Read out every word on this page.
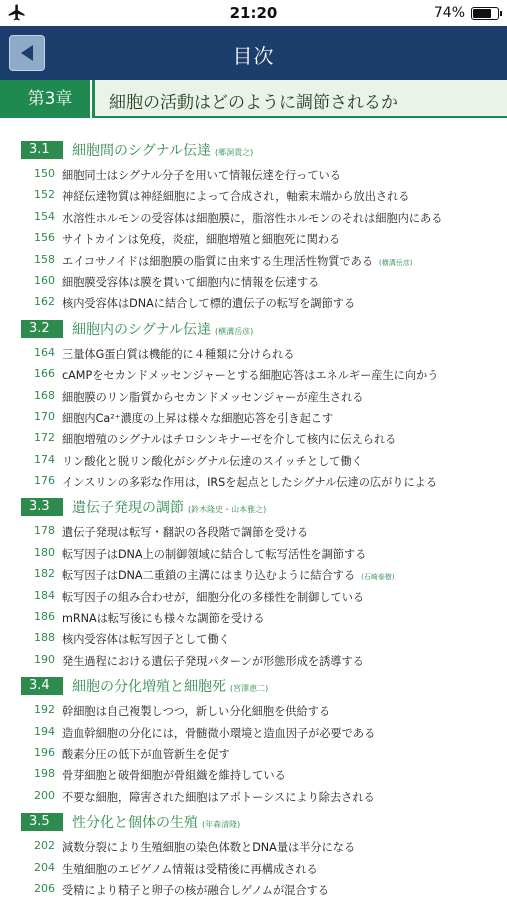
21:20	74%
目次
第3章	細胞の活動はどのように調節されるか
3.1	細胞間のシグナル伝達 (郷洞貴之)
150 細胞同士はシグナル分子を用いて情報伝達を行っている
152 神経伝達物質は神経細胞によって合成され，軸索末端から放出される
154 水溶性ホルモンの受容体は細胞膜に，脂溶性ホルモンのそれは細胞内にある
156 サイトカインは免疫，炎症，細胞増殖と細胞死に関わる
158 エイコサノイドは細胞膜の脂質に由来する生理活性物質である (横溝岳彦)
160 細胞膜受容体は膜を貫いて細胞内に情報を伝達する
162 核内受容体はDNAに結合して標的遺伝子の転写を調節する
3.2	細胞内のシグナル伝達 (横溝岳彦)
164 三量体G蛋白質は機能的に４種類に分けられる
166 cAMPをセカンドメッセンジャーとする細胞応答はエネルギー産生に向かう
168 細胞膜のリン脂質からセカンドメッセンジャーが産生される
170 細胞内Ca²⁺濃度の上昇は様々な細胞応答を引き起こす
172 細胞増殖のシグナルはチロシンキナーゼを介して核内に伝えられる
174 リン酸化と脱リン酸化がシグナル伝達のスイッチとして働く
176 インスリンの多彩な作用は，IRSを起点としたシグナル伝達の広がりによる
3.3	遺伝子発現の調節 (鈴木隆史・山本雅之)
178 遺伝子発現は転写・翻訳の各段階で調節を受ける
180 転写因子はDNA上の制御領域に結合して転写活性を調節する
182 転写因子はDNA二重鎖の主溝にはまり込むように結合する (石崎泰樹)
184 転写因子の組み合わせが，細胞分化の多様性を制御している
186 mRNAは転写後にも様々な調節を受ける
188 核内受容体は転写因子として働く
190 発生過程における遺伝子発現パターンが形態形成を誘導する
3.4	細胞の分化増殖と細胞死 (宮澤恵二)
192 幹細胞は自己複製しつつ，新しい分化細胞を供給する
194 造血幹細胞の分化には，骨髄微小環境と造血因子が必要である
196 酸素分圧の低下が血管新生を促す
198 骨芽細胞と破骨細胞が骨組織を維持している
200 不要な細胞，障害された細胞はアポトーシスにより除去される
3.5	性分化と個体の生殖 (年森清隆)
202 減数分裂により生殖細胞の染色体数とDNA量は半分になる
204 生殖細胞のエピゲノム情報は受精後に再構成される
206 受精により精子と卵子の核が融合しゲノムが混合する
